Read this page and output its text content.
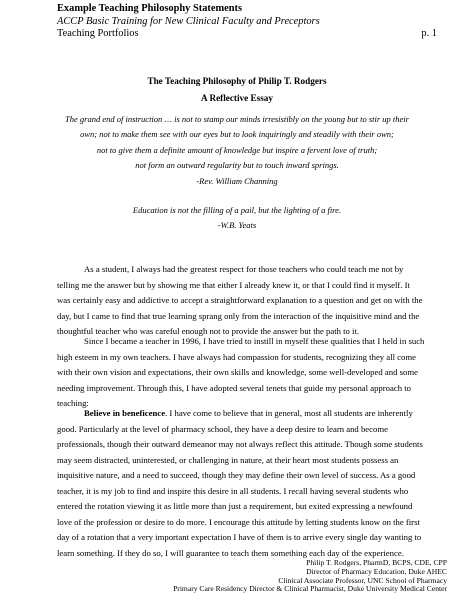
Example Teaching Philosophy Statements
ACCP Basic Training for New Clinical Faculty and Preceptors
Teaching Portfolios	p. 1
The Teaching Philosophy of Philip T. Rodgers
A Reflective Essay
The grand end of instruction … is not to stamp our minds irresistibly on the young but to stir up their
own; not to make them see with our eyes but to look inquiringly and steadily with their own;
not to give them a definite amount of knowledge but inspire a fervent love of truth;
not form an outward regularity but to touch inward springs.
-Rev. William Channing
Education is not the filling of a pail, but the lighting of a fire.
-W.B. Yeats
As a student, I always had the greatest respect for those teachers who could teach me not by
telling me the answer but by showing me that either I already knew it, or that I could find it myself. It
was certainly easy and addictive to accept a straightforward explanation to a question and get on with the
day, but I came to find that true learning sprang only from the interaction of the inquisitive mind and the
thoughtful teacher who was careful enough not to provide the answer but the path to it.
Since I became a teacher in 1996, I have tried to instill in myself these qualities that I held in such
high esteem in my own teachers. I have always had compassion for students, recognizing they all come
with their own vision and expectations, their own skills and knowledge, some well-developed and some
needing improvement. Through this, I have adopted several tenets that guide my personal approach to
teaching:
Believe in beneficence. I have come to believe that in general, most all students are inherently
good. Particularly at the level of pharmacy school, they have a deep desire to learn and become
professionals, though their outward demeanor may not always reflect this attitude. Though some students
may seem distracted, uninterested, or challenging in nature, at their heart most students possess an
inquisitive nature, and a need to succeed, though they may define their own level of success. As a good
teacher, it is my job to find and inspire this desire in all students. I recall having several students who
entered the rotation viewing it as little more than just a requirement, but exited expressing a newfound
love of the profession or desire to do more. I encourage this attitude by letting students know on the first
day of a rotation that a very important expectation I have of them is to arrive every single day wanting to
learn something. If they do so, I will guarantee to teach them something each day of the experience.
Philip T. Rodgers, PharmD, BCPS, CDE, CPP
Director of Pharmacy Education, Duke AHEC
Clinical Associate Professor, UNC School of Pharmacy
Primary Care Residency Director & Clinical Pharmacist, Duke University Medical Center
